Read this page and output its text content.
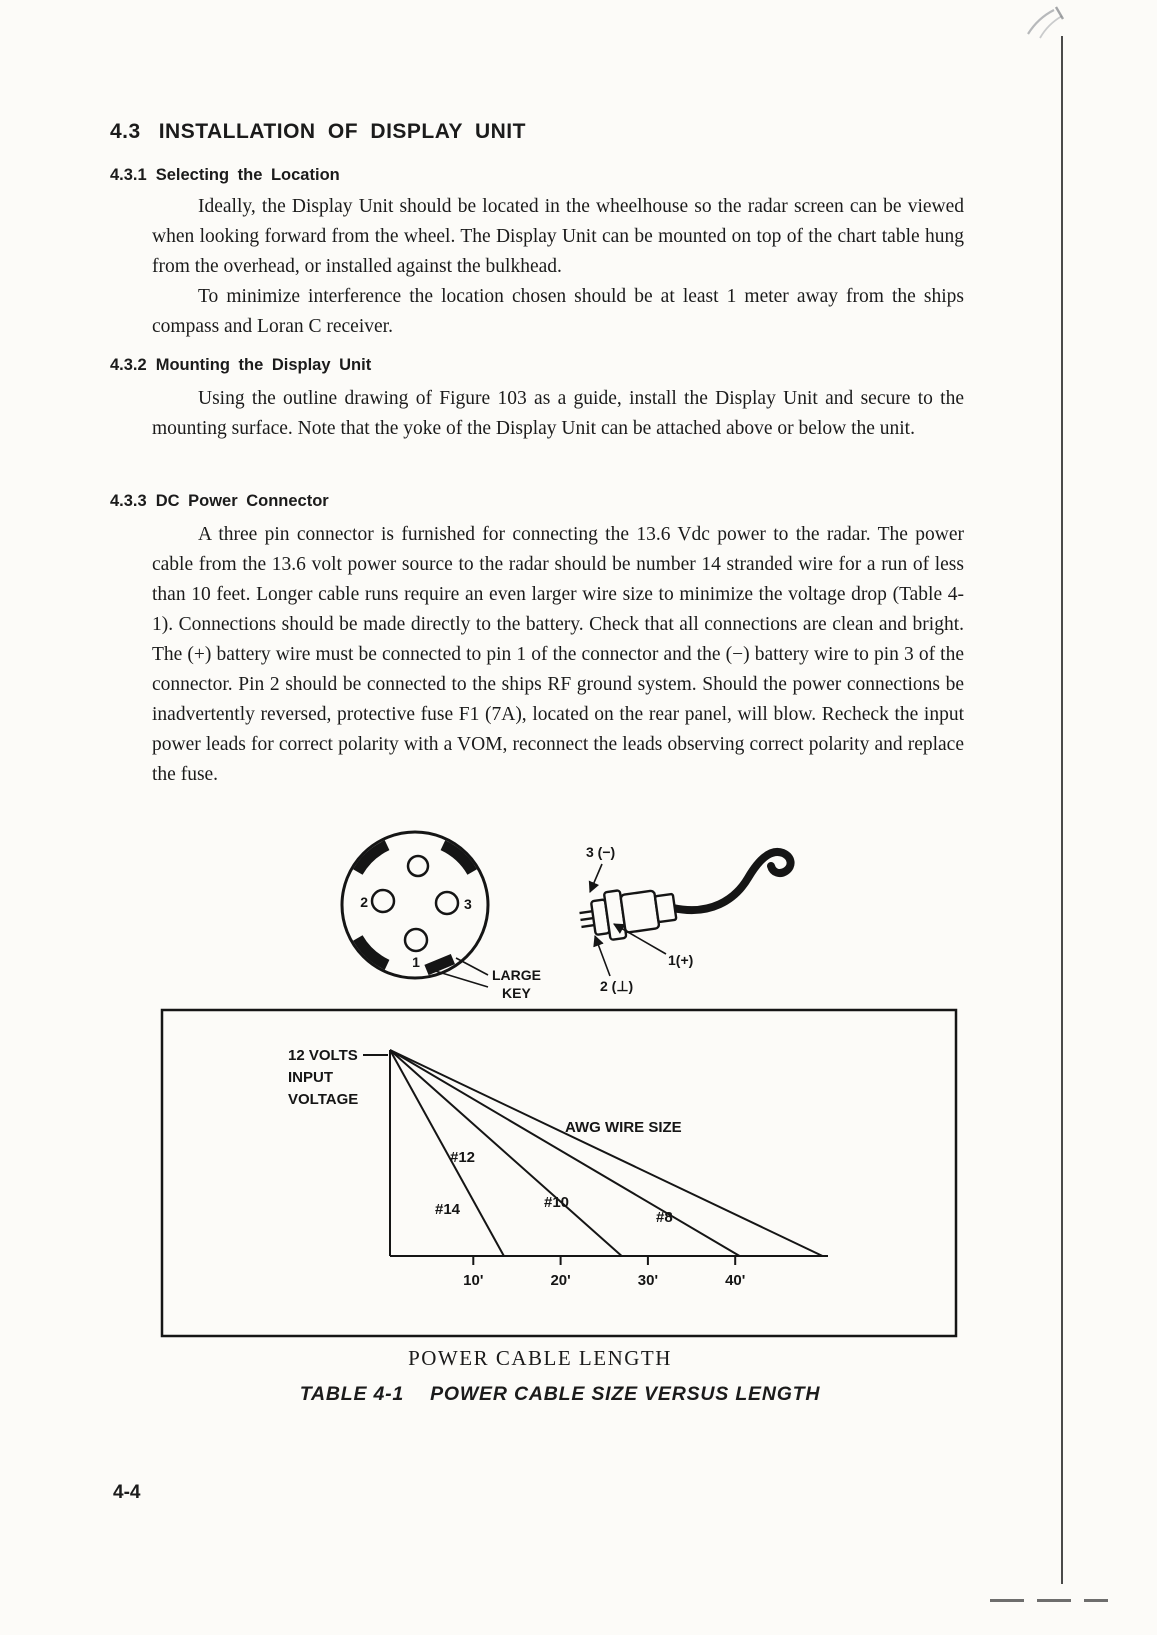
4.3 INSTALLATION OF DISPLAY UNIT
4.3.1 Selecting the Location

Ideally, the Display Unit should be located in the wheelhouse so the radar screen can be viewed when looking forward from the wheel. The Display Unit can be mounted on top of the chart table hung from the overhead, or installed against the bulkhead.

To minimize interference the location chosen should be at least 1 meter away from the ships compass and Loran C receiver.

4.3.2 Mounting the Display Unit

Using the outline drawing of Figure 103 as a guide, install the Display Unit and secure to the mounting surface. Note that the yoke of the Display Unit can be attached above or below the unit.

4.3.3 DC Power Connector

A three pin connector is furnished for connecting the 13.6 Vdc power to the radar. The power cable from the 13.6 volt power source to the radar should be number 14 stranded wire for a run of less than 10 feet. Longer cable runs require an even larger wire size to minimize the voltage drop (Table 4-1). Connections should be made directly to the battery. Check that all connections are clean and bright. The (+) battery wire must be connected to pin 1 of the connector and the (−) battery wire to pin 3 of the connector. Pin 2 should be connected to the ships RF ground system. Should the power connections be inadvertently reversed, protective fuse F1 (7A), located on the rear panel, will blow. Recheck the input power leads for correct polarity with a VOM, reconnect the leads observing correct polarity and replace the fuse.

2	3
1
LARGE
KEY
3 (−)
2 (⊥)
1(+)
12 VOLTS
INPUT
VOLTAGE
AWG WIRE SIZE
#12
#14	#10
#8
10'	20'	30'	40'
POWER CABLE LENGTH
TABLE 4-1 POWER CABLE SIZE VERSUS LENGTH
4-4
